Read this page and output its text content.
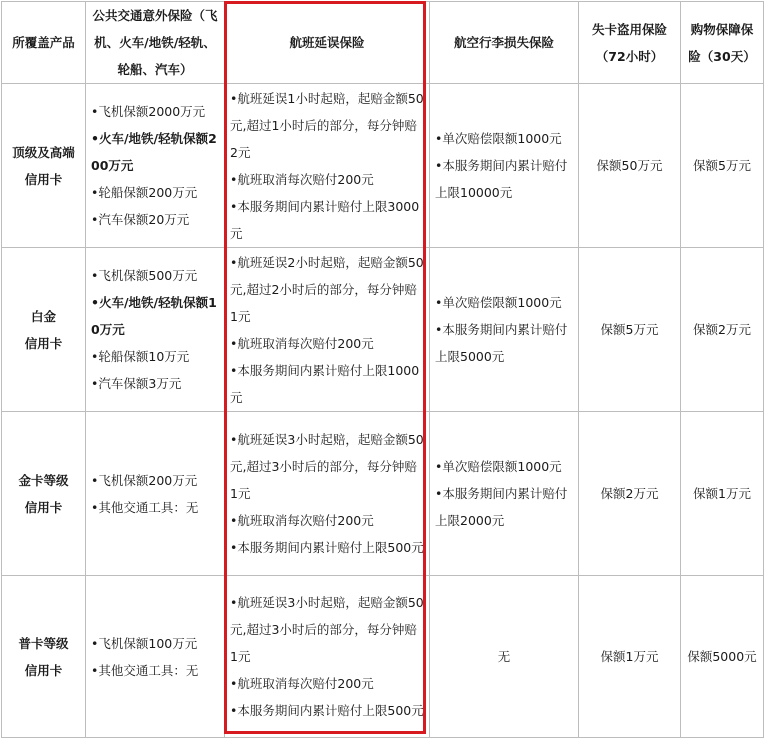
所覆盖产品	公共交通意外保险（飞机、火车/地铁/轻轨、轮船、汽车）	航班延误保险	航空行李损失保险	失卡盗用保险（72小时）	购物保障保险（30天）

顶级及高端
信用卡	•飞机保额2000万元
•火车/地铁/轻轨保额200万元
•轮船保额200万元
•汽车保额20万元	•航班延误1小时起赔，起赔金额50元,超过1小时后的部分，每分钟赔2元
•航班取消每次赔付200元
•本服务期间内累计赔付上限3000元	•单次赔偿限额1000元
•本服务期间内累计赔付上限10000元	保额50万元	保额5万元

白金
信用卡	•飞机保额500万元
•火车/地铁/轻轨保额10万元
•轮船保额10万元
•汽车保额3万元	•航班延误2小时起赔，起赔金额50元,超过2小时后的部分，每分钟赔1元
•航班取消每次赔付200元
•本服务期间内累计赔付上限1000元	•单次赔偿限额1000元
•本服务期间内累计赔付上限5000元	保额5万元	保额2万元

金卡等级
信用卡	•飞机保额200万元
•其他交通工具：无	•航班延误3小时起赔，起赔金额50元,超过3小时后的部分，每分钟赔1元
•航班取消每次赔付200元
•本服务期间内累计赔付上限500元	•单次赔偿限额1000元
•本服务期间内累计赔付上限2000元	保额2万元	保额1万元

普卡等级
信用卡	•飞机保额100万元
•其他交通工具：无	•航班延误3小时起赔，起赔金额50元,超过3小时后的部分，每分钟赔1元
•航班取消每次赔付200元
•本服务期间内累计赔付上限500元	无	保额1万元	保额5000元
